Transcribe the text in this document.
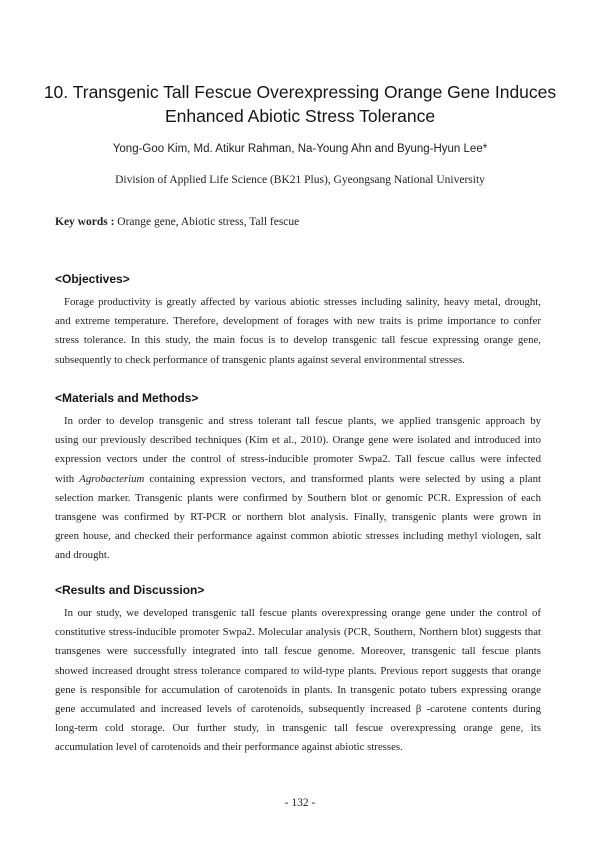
10. Transgenic Tall Fescue Overexpressing Orange Gene Induces
Enhanced Abiotic Stress Tolerance
Yong-Goo Kim, Md. Atikur Rahman, Na-Young Ahn and Byung-Hyun Lee*
Division of Applied Life Science (BK21 Plus), Gyeongsang National University
Key words : Orange gene, Abiotic stress, Tall fescue
<Objectives>
Forage productivity is greatly affected by various abiotic stresses including salinity, heavy metal, drought,
and extreme temperature. Therefore, development of forages with new traits is prime importance to confer
stress tolerance. In this study, the main focus is to develop transgenic tall fescue expressing orange gene,
subsequently to check performance of transgenic plants against several environmental stresses.
<Materials and Methods>
In order to develop transgenic and stress tolerant tall fescue plants, we applied transgenic approach by
using our previously described techniques (Kim et al., 2010). Orange gene were isolated and introduced into
expression vectors under the control of stress-inducible promoter Swpa2. Tall fescue callus were infected
with Agrobacterium containing expression vectors, and transformed plants were selected by using a plant
selection marker. Transgenic plants were confirmed by Southern blot or genomic PCR. Expression of each
transgene was confirmed by RT-PCR or northern blot analysis. Finally, transgenic plants were grown in
green house, and checked their performance against common abiotic stresses including methyl viologen, salt
and drought.
<Results and Discussion>
In our study, we developed transgenic tall fescue plants overexpressing orange gene under the control of
constitutive stress-inducible promoter Swpa2. Molecular analysis (PCR, Southern, Northern blot) suggests that
transgenes were successfully integrated into tall fescue genome. Moreover, transgenic tall fescue plants
showed increased drought stress tolerance compared to wild-type plants. Previous report suggests that orange
gene is responsible for accumulation of carotenoids in plants. In transgenic potato tubers expressing orange
gene accumulated and increased levels of carotenoids, subsequently increased β -carotene contents during
long-term cold storage. Our further study, in transgenic tall fescue overexpressing orange gene, its
accumulation level of carotenoids and their performance against abiotic stresses.
- 132 -
